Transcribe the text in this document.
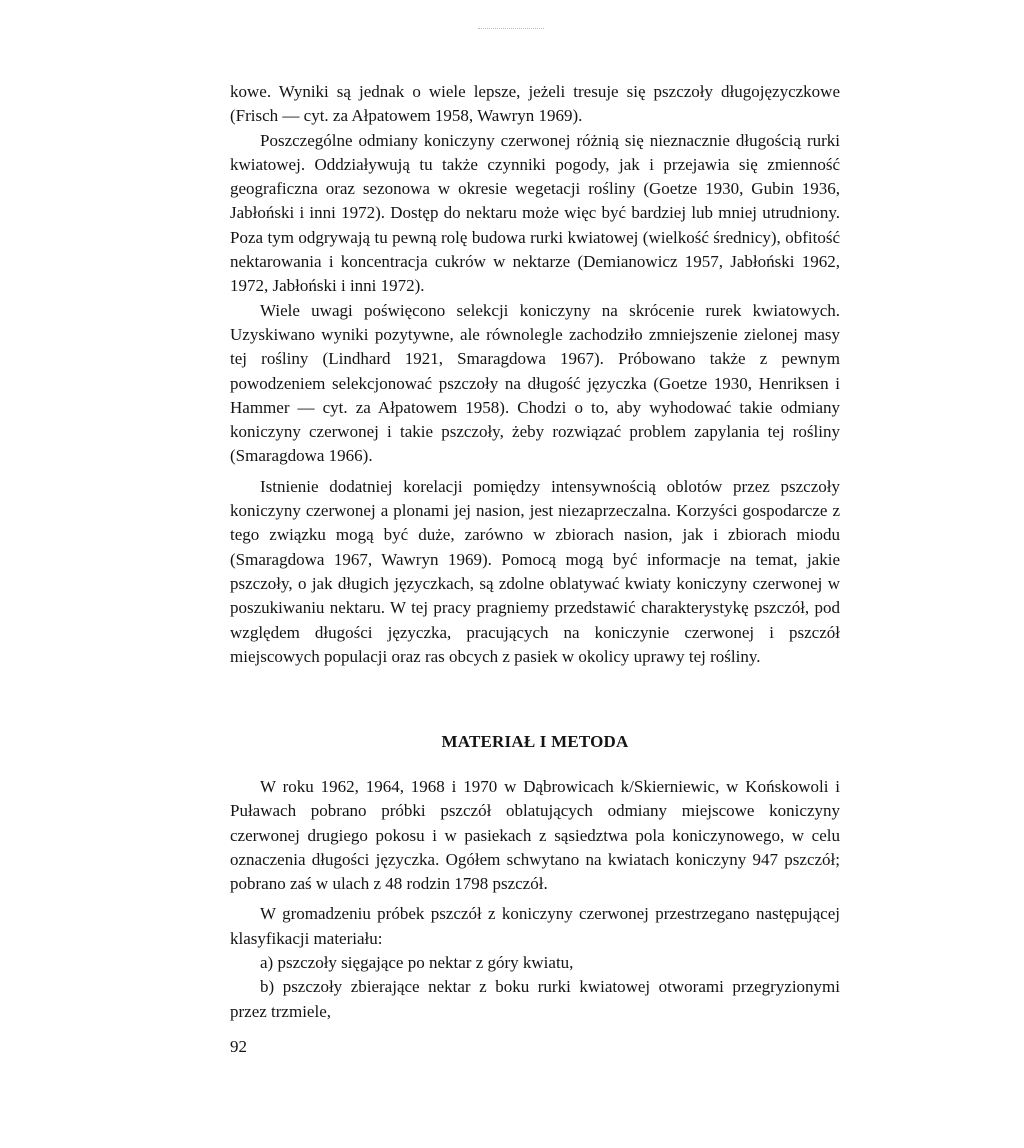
kowe. Wyniki są jednak o wiele lepsze, jeżeli tresuje się pszczoły długojęzyczkowe (Frisch — cyt. za Ałpatowem 1958, Wawryn 1969).

Poszczególne odmiany koniczyny czerwonej różnią się nieznacznie długością rurki kwiatowej. Oddziaływują tu także czynniki pogody, jak i przejawia się zmienność geograficzna oraz sezonowa w okresie wegetacji rośliny (Goetze 1930, Gubin 1936, Jabłoński i inni 1972). Dostęp do nektaru może więc być bardziej lub mniej utrudniony. Poza tym odgrywają tu pewną rolę budowa rurki kwiatowej (wielkość średnicy), obfitość nektarowania i koncentracja cukrów w nektarze (Demianowicz 1957, Jabłoński 1962, 1972, Jabłoński i inni 1972).

Wiele uwagi poświęcono selekcji koniczyny na skrócenie rurek kwiatowych. Uzyskiwano wyniki pozytywne, ale równolegle zachodziło zmniejszenie zielonej masy tej rośliny (Lindhard 1921, Smaragdowa 1967). Próbowano także z pewnym powodzeniem selekcjonować pszczoły na długość języczka (Goetze 1930, Henriksen i Hammer — cyt. za Ałpatowem 1958). Chodzi o to, aby wyhodować takie odmiany koniczyny czerwonej i takie pszczoły, żeby rozwiązać problem zapylania tej rośliny (Smaragdowa 1966).

Istnienie dodatniej korelacji pomiędzy intensywnością oblotów przez pszczoły koniczyny czerwonej a plonami jej nasion, jest niezaprzeczalna. Korzyści gospodarcze z tego związku mogą być duże, zarówno w zbiorach nasion, jak i zbiorach miodu (Smaragdowa 1967, Wawryn 1969). Pomocą mogą być informacje na temat, jakie pszczoły, o jak długich języczkach, są zdolne oblatywać kwiaty koniczyny czerwonej w poszukiwaniu nektaru. W tej pracy pragniemy przedstawić charakterystykę pszczół, pod względem długości języczka, pracujących na koniczynie czerwonej i pszczół miejscowych populacji oraz ras obcych z pasiek w okolicy uprawy tej rośliny.

MATERIAŁ I METODA

W roku 1962, 1964, 1968 i 1970 w Dąbrowicach k/Skierniewic, w Końskowoli i Puławach pobrano próbki pszczół oblatujących odmiany miejscowe koniczyny czerwonej drugiego pokosu i w pasiekach z sąsiedztwa pola koniczynowego, w celu oznaczenia długości języczka. Ogółem schwytano na kwiatach koniczyny 947 pszczół; pobrano zaś w ulach z 48 rodzin 1798 pszczół.

W gromadzeniu próbek pszczół z koniczyny czerwonej przestrzegano następującej klasyfikacji materiału:

a) pszczoły sięgające po nektar z góry kwiatu,

b) pszczoły zbierające nektar z boku rurki kwiatowej otworami przegryzionymi przez trzmiele,

92
